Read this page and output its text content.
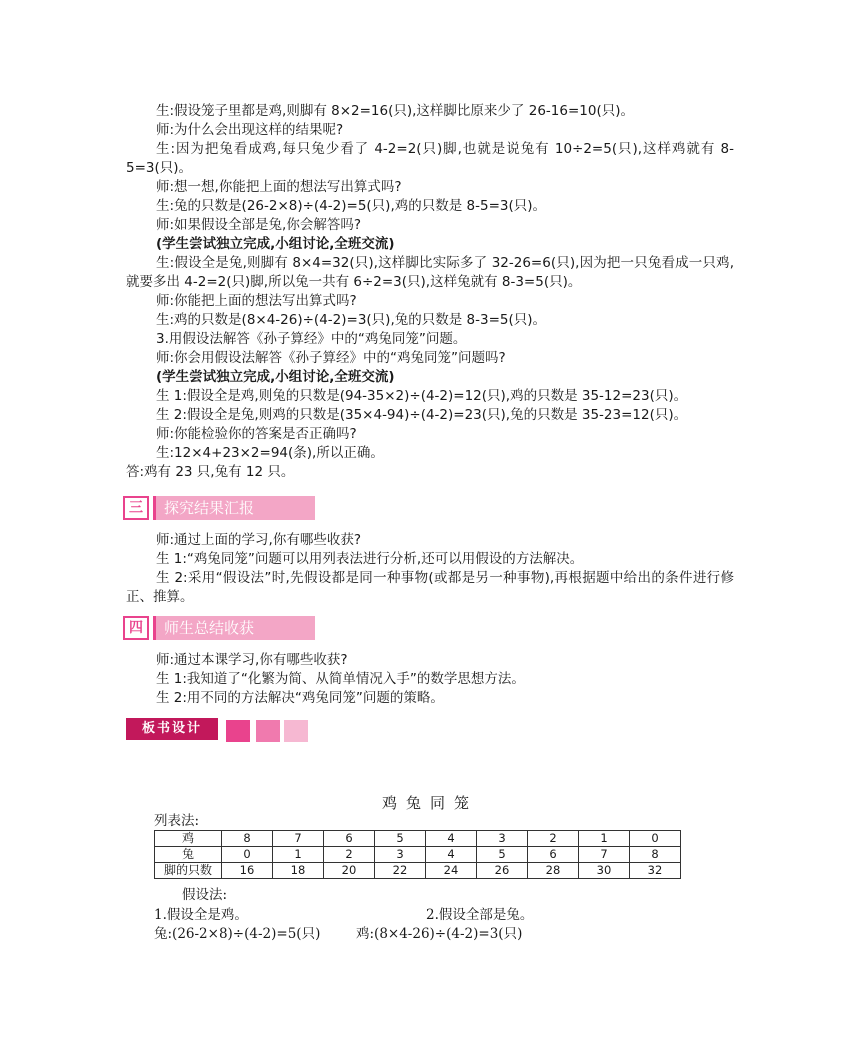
生:假设笼子里都是鸡,则脚有 8×2=16(只),这样脚比原来少了 26-16=10(只)。
师:为什么会出现这样的结果呢?
生:因为把兔看成鸡,每只兔少看了 4-2=2(只)脚,也就是说兔有 10÷2=5(只),这样鸡就有 8-5=3(只)。
师:想一想,你能把上面的想法写出算式吗?
生:兔的只数是(26-2×8)÷(4-2)=5(只),鸡的只数是 8-5=3(只)。
师:如果假设全部是兔,你会解答吗?
(学生尝试独立完成,小组讨论,全班交流)
生:假设全是兔,则脚有 8×4=32(只),这样脚比实际多了 32-26=6(只),因为把一只兔看成一只鸡,就要多出 4-2=2(只)脚,所以兔一共有 6÷2=3(只),这样兔就有 8-3=5(只)。
师:你能把上面的想法写出算式吗?
生:鸡的只数是(8×4-26)÷(4-2)=3(只),兔的只数是 8-3=5(只)。
3.用假设法解答《孙子算经》中的“鸡兔同笼”问题。
师:你会用假设法解答《孙子算经》中的“鸡兔同笼”问题吗?
(学生尝试独立完成,小组讨论,全班交流)
生 1:假设全是鸡,则兔的只数是(94-35×2)÷(4-2)=12(只),鸡的只数是 35-12=23(只)。
生 2:假设全是兔,则鸡的只数是(35×4-94)÷(4-2)=23(只),兔的只数是 35-23=12(只)。
师:你能检验你的答案是否正确吗?
生:12×4+23×2=94(条),所以正确。
答:鸡有 23 只,兔有 12 只。
三	探究结果汇报
师:通过上面的学习,你有哪些收获?
生 1:“鸡兔同笼”问题可以用列表法进行分析,还可以用假设的方法解决。
生 2:采用“假设法”时,先假设都是同一种事物(或都是另一种事物),再根据题中给出的条件进行修正、推算。
四	师生总结收获
师:通过本课学习,你有哪些收获?
生 1:我知道了“化繁为简、从简单情况入手”的数学思想方法。
生 2:用不同的方法解决“鸡兔同笼”问题的策略。
板书设计
鸡兔同笼
列表法:
鸡	8	7	6	5	4	3	2	1	0
兔	0	1	2	3	4	5	6	7	8
脚的只数	16	18	20	22	24	26	28	30	32
假设法:
1.假设全是鸡。	2.假设全部是兔。
兔:(26-2×8)÷(4-2)=5(只)	鸡:(8×4-26)÷(4-2)=3(只)
